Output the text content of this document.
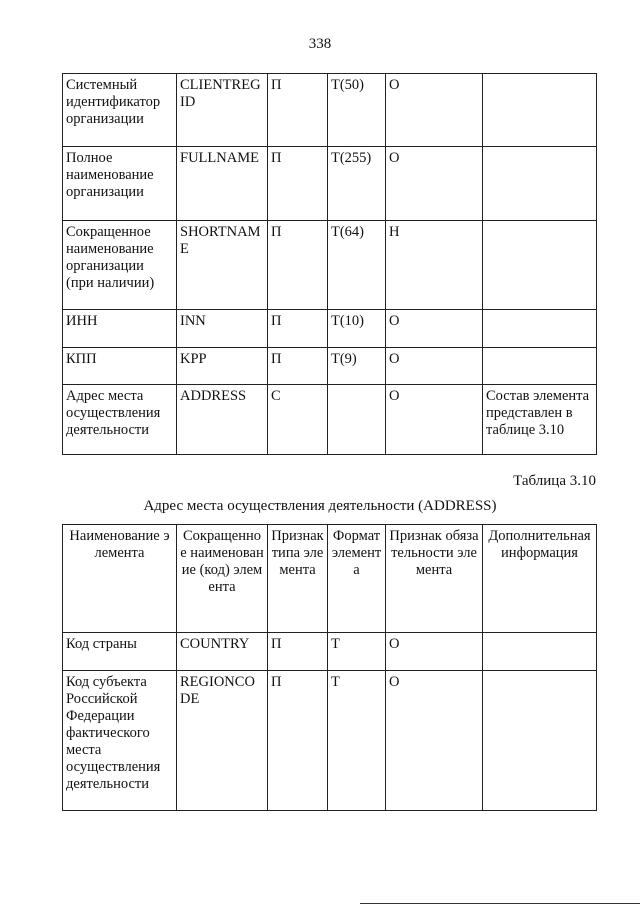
338
Системный идентификатор организации	CLIENTREGID	П	T(50)	О	
Полное наименование организации	FULLNAME	П	T(255)	О	
Сокращенное наименование организации (при наличии)	SHORTNAME	П	T(64)	Н	
ИНН	INN	П	T(10)	О	
КПП	KPP	П	T(9)	О	
Адрес места осуществления деятельности	ADDRESS	С		О	Состав элемента представлен в таблице 3.10
Таблица 3.10
Адрес места осуществления деятельности (ADDRESS)
Наименование элемента	Сокращенное наименование (код) элемента	Признак типа элемента	Формат элемента	Признак обязательности элемента	Дополнительная информация
Код страны	COUNTRY	П	T	О	
Код субъекта Российской Федерации фактического места осуществления деятельности	REGIONCODE	П	T	О	
